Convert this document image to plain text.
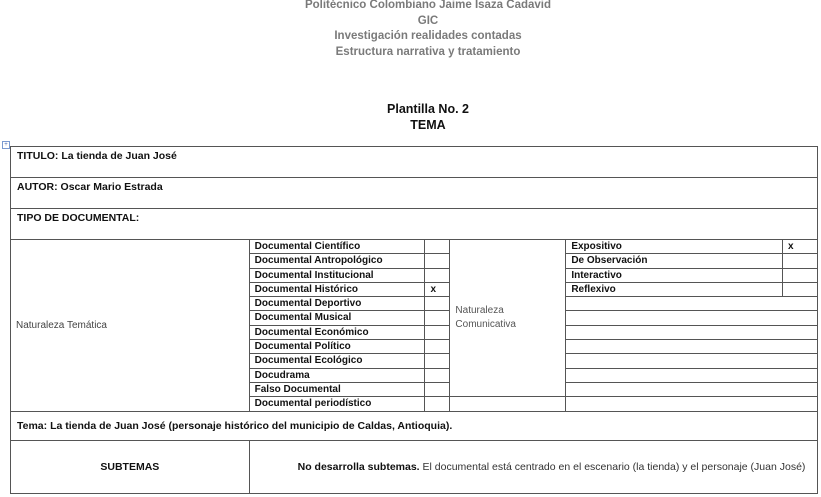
Politécnico Colombiano Jaime Isaza Cadavid
GIC
Investigación realidades contadas
Estructura narrativa y tratamiento
Plantilla No. 2
TEMA
+
TITULO: La tienda de Juan José					
AUTOR: Oscar Mario Estrada					
TIPO DE DOCUMENTAL:					
Naturaleza Temática	Documental Científico		Naturaleza Comunicativa	Expositivo	x
	Documental Antropológico			De Observación	
	Documental Institucional			Interactivo	
	Documental Histórico	x		Reflexivo	
	Documental Deportivo				
	Documental Musical				
	Documental Económico				
	Documental Político				
	Documental Ecológico				
	Docudrama				
	Falso Documental				
	Documental periodístico				
Tema: La tienda de Juan José (personaje histórico del municipio de Caldas, Antioquia).					
SUBTEMAS	No desarrolla subtemas. El documental está centrado en el escenario (la tienda) y el personaje (Juan José)				
